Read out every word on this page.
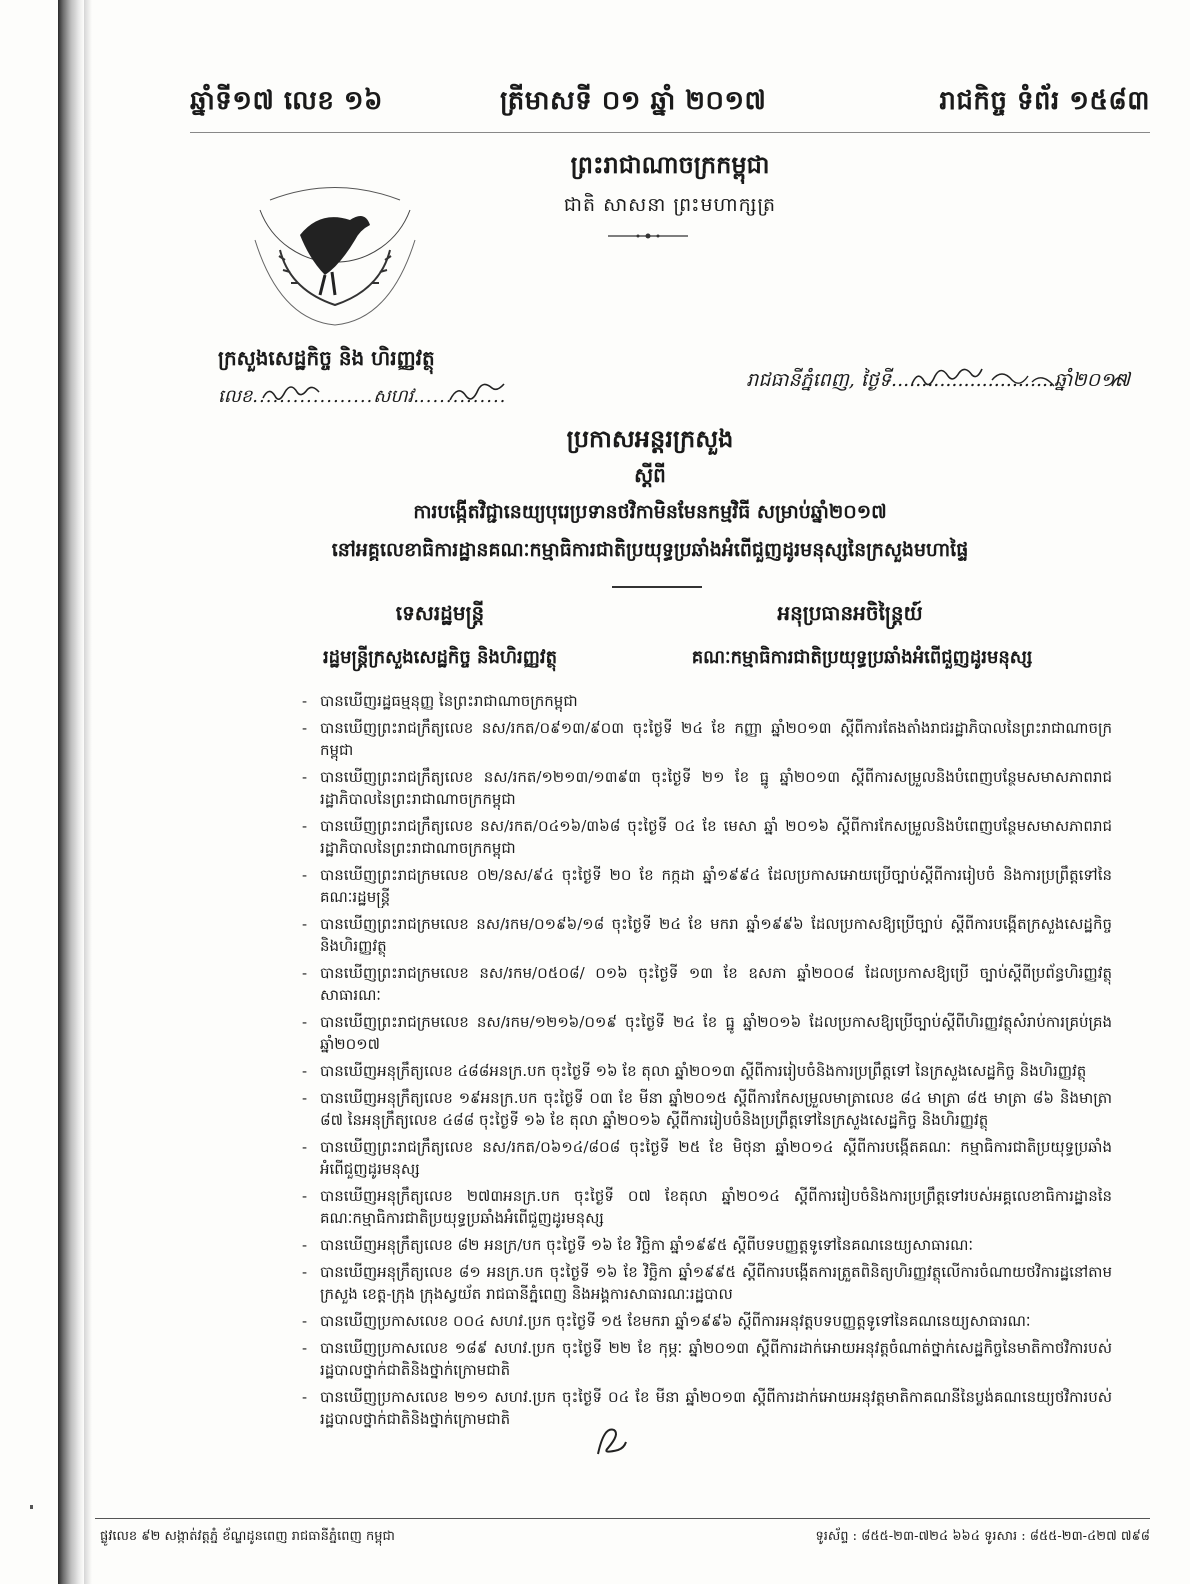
ឆ្នាំទី១៧ លេខ ១៦	ត្រីមាសទី ០១ ឆ្នាំ ២០១៧	រាជកិច្ច ទំព័រ ១៥៨៣
ព្រះរាជាណាចក្រកម្ពុជា
ជាតិ សាសនា ព្រះមហាក្សត្រ
ក្រសួងសេដ្ឋកិច្ច និង ហិរញ្ញវត្ថុ
លេខ..................សហវ..............
រាជធានីភ្នំពេញ, ថ្ងៃទី...........................ឆ្នាំ២០១៧
ប្រកាសអន្តរក្រសួង
ស្តីពី
ការបង្កើតវិជ្ជានេយ្យបុរេប្រទានថវិកាមិនមែនកម្មវិធី សម្រាប់ឆ្នាំ២០១៧
នៅអគ្គលេខាធិការដ្ឋានគណៈកម្មាធិការជាតិប្រយុទ្ធប្រឆាំងអំពើជួញដូរមនុស្សនៃក្រសួងមហាផ្ទៃ
ទេសរដ្ឋមន្ត្រី
រដ្ឋមន្ត្រីក្រសួងសេដ្ឋកិច្ច និងហិរញ្ញវត្ថុ
អនុប្រធានអចិន្ត្រៃយ៍
គណៈកម្មាធិការជាតិប្រយុទ្ធប្រឆាំងអំពើជួញដូរមនុស្ស
- បានឃើញរដ្ឋធម្មនុញ្ញ នៃព្រះរាជាណាចក្រកម្ពុជា
- បានឃើញព្រះរាជក្រឹត្យលេខ នស/រកត/០៩១៣/៩០៣ ចុះថ្ងៃទី ២៤ ខែ កញ្ញា ឆ្នាំ២០១៣ ស្តីពីការតែងតាំងរាជរដ្ឋាភិបាលនៃព្រះរាជាណាចក្រកម្ពុជា
- បានឃើញព្រះរាជក្រឹត្យលេខ នស/រកត/១២១៣/១៣៩៣ ចុះថ្ងៃទី ២១ ខែ ធ្នូ ឆ្នាំ២០១៣ ស្តីពីការសម្រួលនិងបំពេញបន្ថែមសមាសភាពរាជរដ្ឋាភិបាលនៃព្រះរាជាណាចក្រកម្ពុជា
- បានឃើញព្រះរាជក្រឹត្យលេខ នស/រកត/០៤១៦/៣៦៨ ចុះថ្ងៃទី ០៤ ខែ មេសា ឆ្នាំ ២០១៦ ស្តីពីការកែសម្រួលនិងបំពេញបន្ថែមសមាសភាពរាជរដ្ឋាភិបាលនៃព្រះរាជាណាចក្រកម្ពុជា
- បានឃើញព្រះរាជក្រមលេខ ០២/នស/៩៤ ចុះថ្ងៃទី ២០ ខែ កក្កដា ឆ្នាំ១៩៩៤ ដែលប្រកាសអោយប្រើច្បាប់ស្តីពីការរៀបចំ និងការប្រព្រឹត្តទៅនៃគណៈរដ្ឋមន្ត្រី
- បានឃើញព្រះរាជក្រមលេខ នស/រកម/០១៩៦/១៨ ចុះថ្ងៃទី ២៤ ខែ មករា ឆ្នាំ១៩៩៦ ដែលប្រកាសឱ្យប្រើច្បាប់ ស្តីពីការបង្កើតក្រសួងសេដ្ឋកិច្ច និងហិរញ្ញវត្ថុ
- បានឃើញព្រះរាជក្រមលេខ នស/រកម/០៥០៨/ ០១៦ ចុះថ្ងៃទី ១៣ ខែ ឧសភា ឆ្នាំ២០០៨ ដែលប្រកាសឱ្យប្រើ ច្បាប់ស្តីពីប្រព័ន្ធហិរញ្ញវត្ថុសាធារណៈ
- បានឃើញព្រះរាជក្រមលេខ នស/រកម/១២១៦/០១៩ ចុះថ្ងៃទី ២៤ ខែ ធ្នូ ឆ្នាំ២០១៦ ដែលប្រកាសឱ្យប្រើច្បាប់ស្តីពីហិរញ្ញវត្ថុសំរាប់ការគ្រប់គ្រងឆ្នាំ២០១៧
- បានឃើញអនុក្រឹត្យលេខ ៤៨៨អនក្រ.បក ចុះថ្ងៃទី ១៦ ខែ តុលា ឆ្នាំ២០១៣ ស្តីពីការរៀបចំនិងការប្រព្រឹត្តទៅ នៃក្រសួងសេដ្ឋកិច្ច និងហិរញ្ញវត្ថុ
- បានឃើញអនុក្រឹត្យលេខ ១៩អនក្រ.បក ចុះថ្ងៃទី ០៣ ខែ មីនា ឆ្នាំ២០១៥ ស្តីពីការកែសម្រួលមាត្រាលេខ ៨៤ មាត្រា ៨៥ មាត្រា ៨៦ និងមាត្រា ៨៧ នៃអនុក្រឹត្យលេខ ៤៨៨ ចុះថ្ងៃទី ១៦ ខែ តុលា ឆ្នាំ២០១៦ ស្តីពីការរៀបចំនិងប្រព្រឹត្តទៅនៃក្រសួងសេដ្ឋកិច្ច និងហិរញ្ញវត្ថុ
- បានឃើញព្រះរាជក្រឹត្យលេខ នស/រកត/០៦១៤/៨០៨ ចុះថ្ងៃទី ២៥ ខែ មិថុនា ឆ្នាំ២០១៤ ស្តីពីការបង្កើតគណៈ កម្មាធិការជាតិប្រយុទ្ធប្រឆាំងអំពើជួញដូរមនុស្ស
- បានឃើញអនុក្រឹត្យលេខ ២៧៣អនក្រ.បក ចុះថ្ងៃទី ០៧ ខែតុលា ឆ្នាំ២០១៤ ស្តីពីការរៀបចំនិងការប្រព្រឹត្តទៅរបស់អគ្គលេខាធិការដ្ឋាននៃគណៈកម្មាធិការជាតិប្រយុទ្ធប្រឆាំងអំពើជួញដូរមនុស្ស
- បានឃើញអនុក្រឹត្យលេខ ៨២ អនក្រ/បក ចុះថ្ងៃទី ១៦ ខែ វិច្ឆិកា ឆ្នាំ១៩៩៥ ស្តីពីបទបញ្ញត្តទូទៅនៃគណនេយ្យសាធារណៈ
- បានឃើញអនុក្រឹត្យលេខ ៨១ អនក្រ.បក ចុះថ្ងៃទី ១៦ ខែ វិច្ឆិកា ឆ្នាំ១៩៩៥ ស្តីពីការបង្កើតការត្រួតពិនិត្យហិរញ្ញវត្ថុលើការចំណាយថវិការដ្ឋនៅតាមក្រសួង ខេត្ត-ក្រុង ក្រុងស្វយ័ត រាជធានីភ្នំពេញ និងអង្គការសាធារណៈរដ្ឋបាល
- បានឃើញប្រកាសលេខ ០០៤ សហវ.ប្រក ចុះថ្ងៃទី ១៥ ខែមករា ឆ្នាំ១៩៩៦ ស្តីពីការអនុវត្តបទបញ្ញត្តទូទៅនៃគណនេយ្យសាធារណៈ
- បានឃើញប្រកាសលេខ ១៨៩ សហវ.ប្រក ចុះថ្ងៃទី ២២ ខែ កុម្ភៈ ឆ្នាំ២០១៣ ស្តីពីការដាក់អោយអនុវត្តចំណាត់ថ្នាក់សេដ្ឋកិច្ចនៃមាតិកាថវិការបស់រដ្ឋបាលថ្នាក់ជាតិនិងថ្នាក់ក្រោមជាតិ
- បានឃើញប្រកាសលេខ ២១១ សហវ.ប្រក ចុះថ្ងៃទី ០៤ ខែ មីនា ឆ្នាំ២០១៣ ស្តីពីការដាក់អោយអនុវត្តមាតិកាគណនីនៃប្លង់គណនេយ្យថវិការបស់រដ្ឋបាលថ្នាក់ជាតិនិងថ្នាក់ក្រោមជាតិ
ផ្លូវលេខ ៩២ សង្កាត់វត្តភ្នំ ខ័ណ្ឌដូនពេញ រាជធានីភ្នំពេញ កម្ពុជា	ទូរស័ព្ទ : ៨៥៥-២៣-៧២៤ ៦៦៤ ទូរសារ : ៨៥៥-២៣-៤២៧ ៧៩៨
